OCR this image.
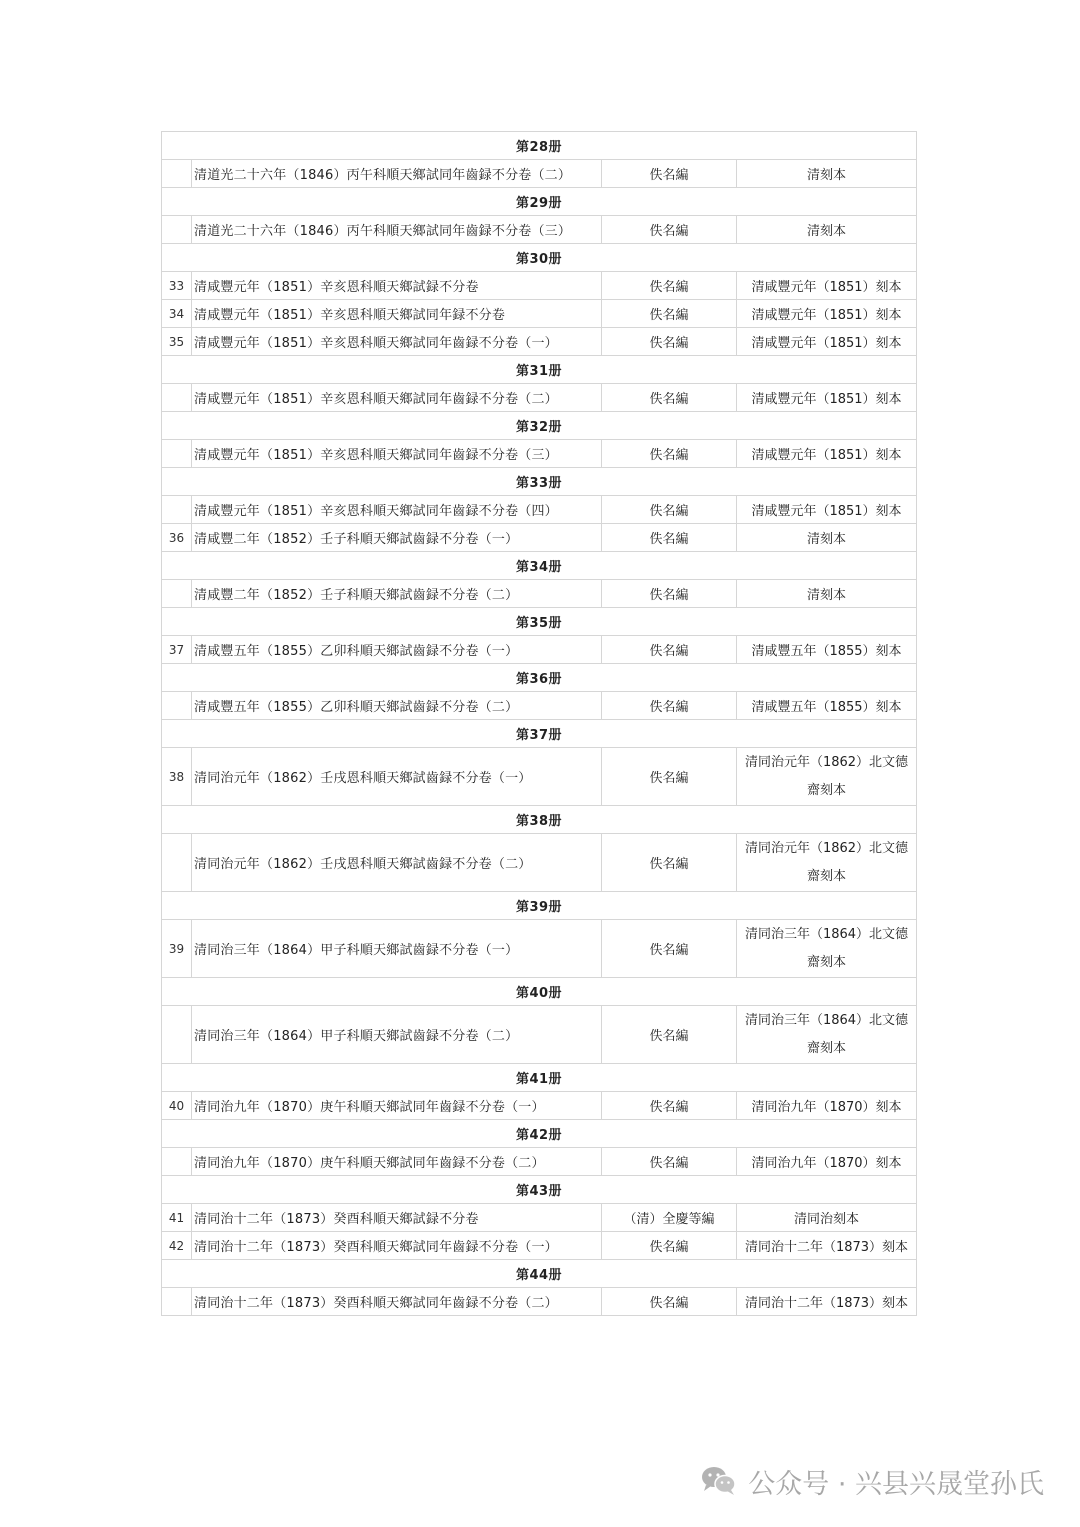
第28册			
	清道光二十六年（1846）丙午科順天鄉試同年齒録不分卷（二）	佚名編	清刻本
第29册			
	清道光二十六年（1846）丙午科順天鄉試同年齒録不分卷（三）	佚名編	清刻本
第30册			
33	清咸豐元年（1851）辛亥恩科順天鄉試録不分卷	佚名編	清咸豐元年（1851）刻本
34	清咸豐元年（1851）辛亥恩科順天鄉試同年録不分卷	佚名編	清咸豐元年（1851）刻本
35	清咸豐元年（1851）辛亥恩科順天鄉試同年齒録不分卷（一）	佚名編	清咸豐元年（1851）刻本
第31册			
	清咸豐元年（1851）辛亥恩科順天鄉試同年齒録不分卷（二）	佚名編	清咸豐元年（1851）刻本
第32册			
	清咸豐元年（1851）辛亥恩科順天鄉試同年齒録不分卷（三）	佚名編	清咸豐元年（1851）刻本
第33册			
	清咸豐元年（1851）辛亥恩科順天鄉試同年齒録不分卷（四）	佚名編	清咸豐元年（1851）刻本
36	清咸豐二年（1852）壬子科順天鄉試齒録不分卷（一）	佚名編	清刻本
第34册			
	清咸豐二年（1852）壬子科順天鄉試齒録不分卷（二）	佚名編	清刻本
第35册			
37	清咸豐五年（1855）乙卯科順天鄉試齒録不分卷（一）	佚名編	清咸豐五年（1855）刻本
第36册			
	清咸豐五年（1855）乙卯科順天鄉試齒録不分卷（二）	佚名編	清咸豐五年（1855）刻本
第37册			
38	清同治元年（1862）壬戌恩科順天鄉試齒録不分卷（一）	佚名編	清同治元年（1862）北文德齋刻本
第38册			
	清同治元年（1862）壬戌恩科順天鄉試齒録不分卷（二）	佚名編	清同治元年（1862）北文德齋刻本
第39册			
39	清同治三年（1864）甲子科順天鄉試齒録不分卷（一）	佚名編	清同治三年（1864）北文德齋刻本
第40册			
	清同治三年（1864）甲子科順天鄉試齒録不分卷（二）	佚名編	清同治三年（1864）北文德齋刻本
第41册			
40	清同治九年（1870）庚午科順天鄉試同年齒録不分卷（一）	佚名編	清同治九年（1870）刻本
第42册			
	清同治九年（1870）庚午科順天鄉試同年齒録不分卷（二）	佚名編	清同治九年（1870）刻本
第43册			
41	清同治十二年（1873）癸酉科順天鄉試録不分卷	（清）全慶等編	清同治刻本
42	清同治十二年（1873）癸酉科順天鄉試同年齒録不分卷（一）	佚名編	清同治十二年（1873）刻本
第44册			
	清同治十二年（1873）癸酉科順天鄉試同年齒録不分卷（二）	佚名編	清同治十二年（1873）刻本
公众号 · 兴县兴晟堂孙氏
